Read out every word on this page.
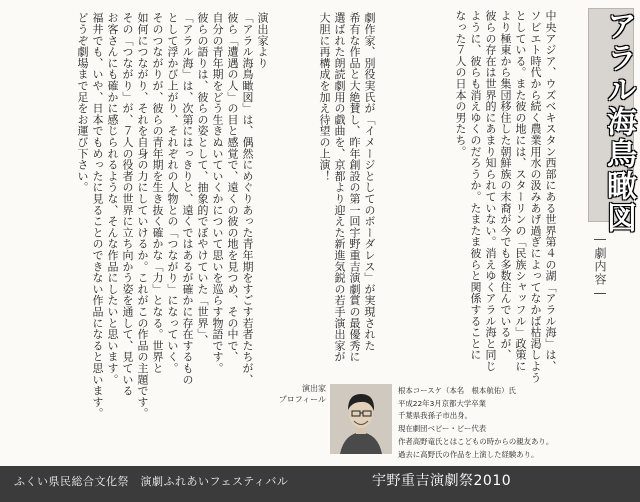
アラル海鳥瞰図
―劇内容―
中央アジア、ウズベキスタン西部にある世界第４の湖「アラル海」は、
ソビエト時代から続く農業用水の汲みあげ過ぎによってなかば枯渇しよう
としている。また彼の地には、スターリンの「民族シャッフル」政策に
より極東から集団移住した朝鮮族の末裔が今でも多数住んでいるが、
彼らの存在は世界的にあまり知られていない。消えゆくアラル海と同じ
ように、彼らも消えゆくのだろうか。たまたま彼らと関係することに
なった７人の日本の男たち。
劇作家、別役実氏が「イメージとしてのボーダレス」が実現された
希有な作品と大絶賛し、昨年創設の第一回宇野重吉演劇賞の最優秀に
選ばれた朗読劇用の戯曲を、京都より迎えた新進気鋭の若手演出家が
大胆に再構成を加え待望の上演！
演出家より
「アラル海鳥瞰図」は、偶然にめぐりあった青年期をすごす若者たちが、
彼ら「遭遇の人」の目と感覚で、遠くの彼の地を見つめ、その中で、
自分の青年期をどう生きぬいていくかについて思いを巡らす物語です。
彼らの語りは、彼らの姿として、抽象的でぼやけていた「世界」、
「アラル海」は、次第にはっきりと、遠くではあるが確かに存在するもの
として浮かび上がり、それぞれの人物との「つながり」になっていく。
そのつながりが、彼らの青年期を生き抜く確かな「力」となる。世界と
如何につながり、それを自身の力にしていけるか。これがこの作品の主題です。
その「つながり」が、７人の役者の世界に立ち向かう姿を通して、見ている
お客さんにも確かに感じられるような、そんな作品にしたいと思います。
福井でも、いや、日本でもめったに見ることのできない作品になると思います。
どうぞ劇場まで足をお運び下さい。
演出家
プロフィール
根本コースケ（本名　根本航佑）氏
平成22年3月京都大学卒業
千葉県我孫子市出身。
現在劇団ベビー・ビー代表
作者高野竜氏とはこどもの時からの親友あり。
過去に高野氏の作品を上演した経験あり。
ふくい県民総合文化祭　演劇ふれあいフェスティバル	宇野重吉演劇祭2010
